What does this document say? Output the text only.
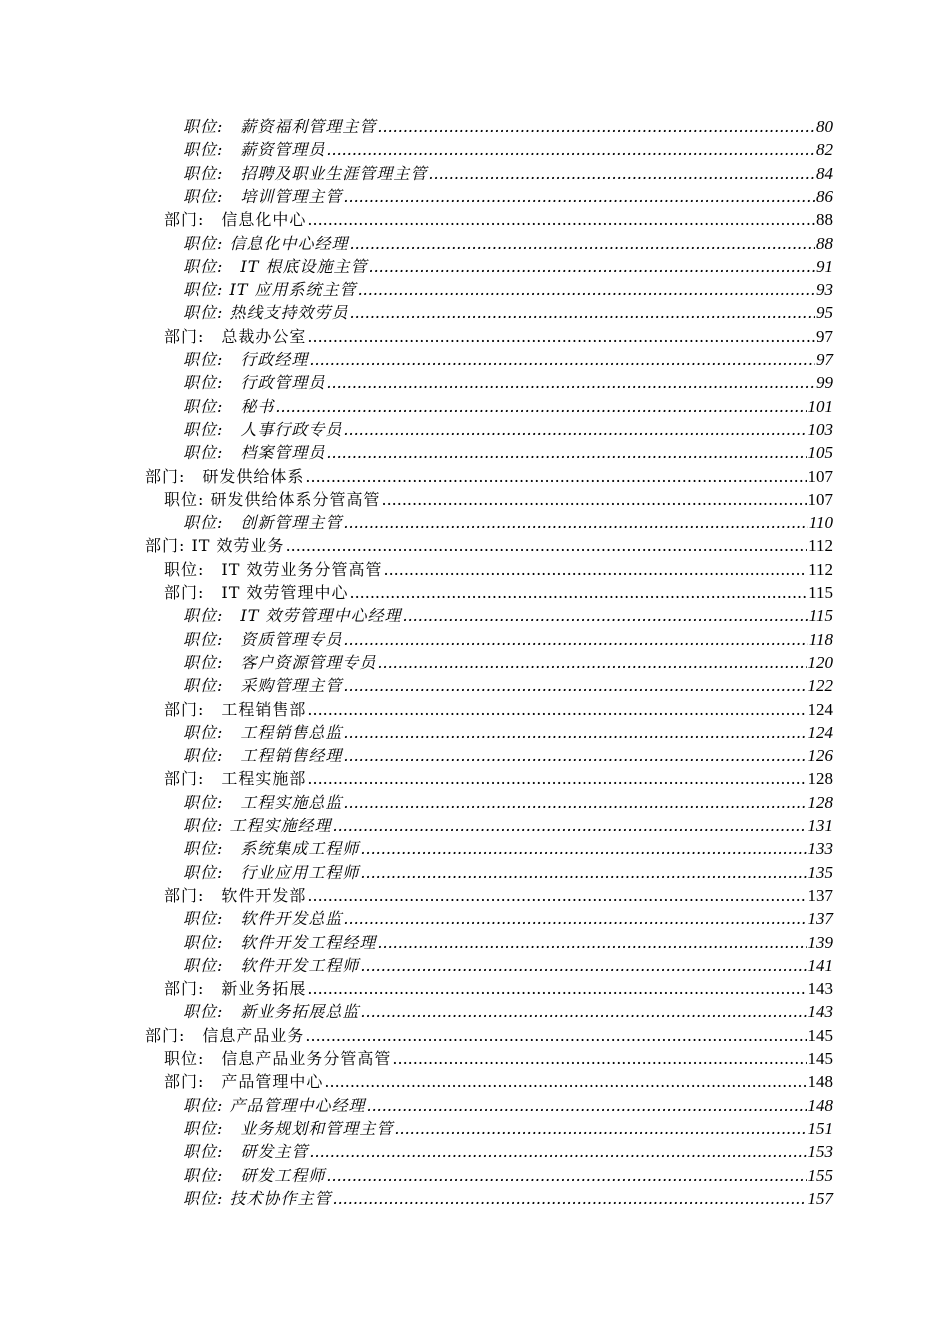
职位:　薪资福利管理主管 .....	80
职位:　薪资管理员 .....	82
职位:　招聘及职业生涯管理主管 .....	84
职位:　培训管理主管 .....	86
部门:　信息化中心 .....	88
职位: 信息化中心经理 .....	88
职位:　IT 根底设施主管 .....	91
职位: IT 应用系统主管 .....	93
职位: 热线支持效劳员 .....	95
部门:　总裁办公室 .....	97
职位:　行政经理 .....	97
职位:　行政管理员 .....	99
职位:　秘书 .....	101
职位:　人事行政专员 .....	103
职位:　档案管理员 .....	105
部门:　研发供给体系 .....	107
职位: 研发供给体系分管高管 .....	107
职位:　创新管理主管 .....	110
部门: IT 效劳业务 .....	112
职位:　IT 效劳业务分管高管 .....	112
部门:　IT 效劳管理中心 .....	115
职位:　IT 效劳管理中心经理 .....	115
职位:　资质管理专员 .....	118
职位:　客户资源管理专员 .....	120
职位:　采购管理主管 .....	122
部门:　工程销售部 .....	124
职位:　工程销售总监 .....	124
职位:　工程销售经理 .....	126
部门:　工程实施部 .....	128
职位:　工程实施总监 .....	128
职位: 工程实施经理 .....	131
职位:　系统集成工程师 .....	133
职位:　行业应用工程师 .....	135
部门:　软件开发部 .....	137
职位:　软件开发总监 .....	137
职位:　软件开发工程经理 .....	139
职位:　软件开发工程师 .....	141
部门:　新业务拓展 .....	143
职位:　新业务拓展总监 .....	143
部门:　信息产品业务 .....	145
职位:　信息产品业务分管高管 .....	145
部门:　产品管理中心 .....	148
职位: 产品管理中心经理 .....	148
职位:　业务规划和管理主管 .....	151
职位:　研发主管 .....	153
职位:　研发工程师 .....	155
职位: 技术协作主管 .....	157
